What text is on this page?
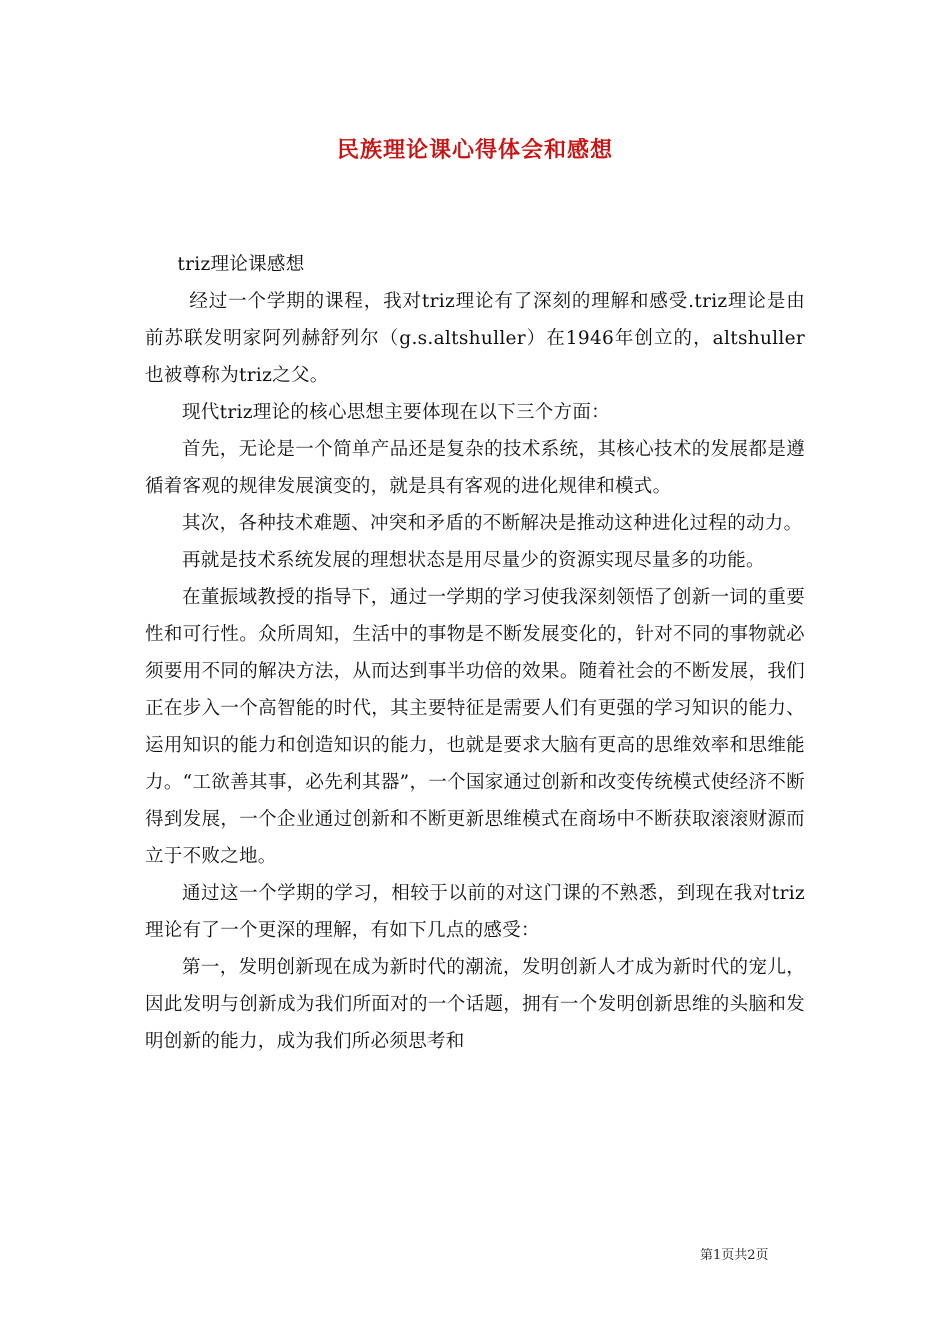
民族理论课心得体会和感想

triz理论课感想

经过一个学期的课程，我对triz理论有了深刻的理解和感受.triz理论是由前苏联发明家阿列赫舒列尔（g.s.altshuller）在1946年创立的，altshuller也被尊称为triz之父。

现代triz理论的核心思想主要体现在以下三个方面：

首先，无论是一个简单产品还是复杂的技术系统，其核心技术的发展都是遵循着客观的规律发展演变的，就是具有客观的进化规律和模式。

其次，各种技术难题、冲突和矛盾的不断解决是推动这种进化过程的动力。

再就是技术系统发展的理想状态是用尽量少的资源实现尽量多的功能。

在董振域教授的指导下，通过一学期的学习使我深刻领悟了创新一词的重要性和可行性。众所周知，生活中的事物是不断发展变化的，针对不同的事物就必须要用不同的解决方法，从而达到事半功倍的效果。随着社会的不断发展，我们正在步入一个高智能的时代，其主要特征是需要人们有更强的学习知识的能力、运用知识的能力和创造知识的能力，也就是要求大脑有更高的思维效率和思维能力。“工欲善其事，必先利其器”，一个国家通过创新和改变传统模式使经济不断得到发展，一个企业通过创新和不断更新思维模式在商场中不断获取滚滚财源而立于不败之地。

通过这一个学期的学习，相较于以前的对这门课的不熟悉，到现在我对triz理论有了一个更深的理解，有如下几点的感受：

第一，发明创新现在成为新时代的潮流，发明创新人才成为新时代的宠儿，因此发明与创新成为我们所面对的一个话题，拥有一个发明创新思维的头脑和发明创新的能力，成为我们所必须思考和

第1页共2页
